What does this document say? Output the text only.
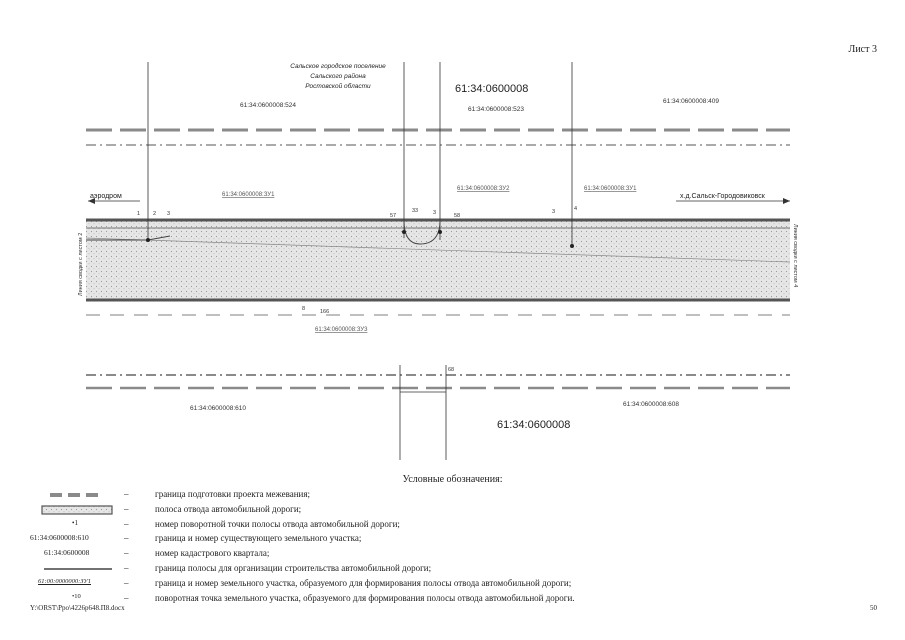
Лист 3
Сальское городское поселение
Сальского района
Ростовской области	61:34:0600008
61:34:0600008
61:34:0600008:524
61:34:0600008:523
61:34:0600008:409
61:34:0600008:610
61:34:0600008:608
61:34:0600008:ЗУ1
61:34:0600008:ЗУ2	61:34:0600008:ЗУ1
61:34:0600008:ЗУ3
аэродром	х.д.Сальск-Городовиковск
Линия сводки с листом 2	Линия сводки с листом 4
1 2 3	57
33	3	58
3	4
8	166
68
Условные обозначения:
–	граница подготовки проекта межевания;
–	полоса отвода автомобильной дороги;
•1	–	номер поворотной точки полосы отвода автомобильной дороги;
61:34:0600008:610	–	граница и номер существующего земельного участка;
61:34:0600008	–	номер кадастрового квартала;
–	граница полосы для организации строительства автомобильной дороги;
61:00:0000000:ЗУ1	–	граница и номер земельного участка, образуемого для формирования полосы отвода автомобильной дороги;
•10	–	поворотная точка земельного участка, образуемого для формирования полосы отвода автомобильной дороги.
Y:\ORST\Ppo\4226p648.П8.docx	50
